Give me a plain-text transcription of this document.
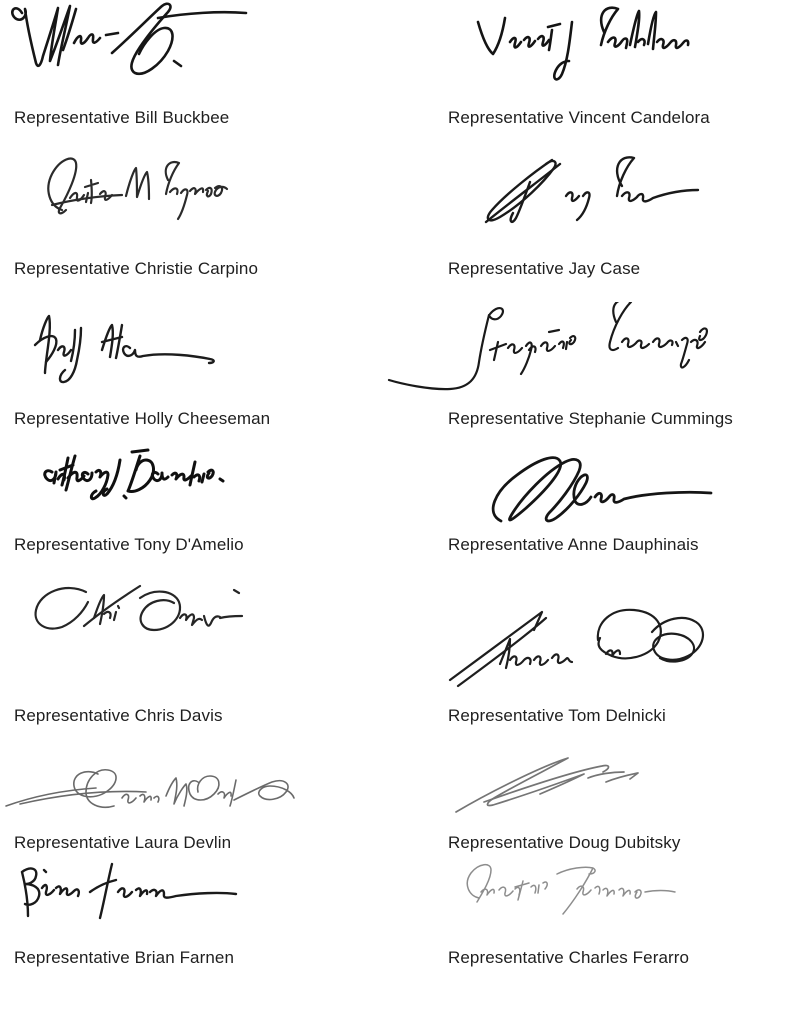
Representative Bill Buckbee	Representative Vincent Candelora
Representative Christie Carpino	Representative Jay Case
Representative Holly Cheeseman	Representative Stephanie Cummings
Representative Tony D'Amelio	Representative Anne Dauphinais
Representative Chris Davis	Representative Tom Delnicki
Representative Laura Devlin	Representative Doug Dubitsky
Representative Brian Farnen	Representative Charles Ferarro
